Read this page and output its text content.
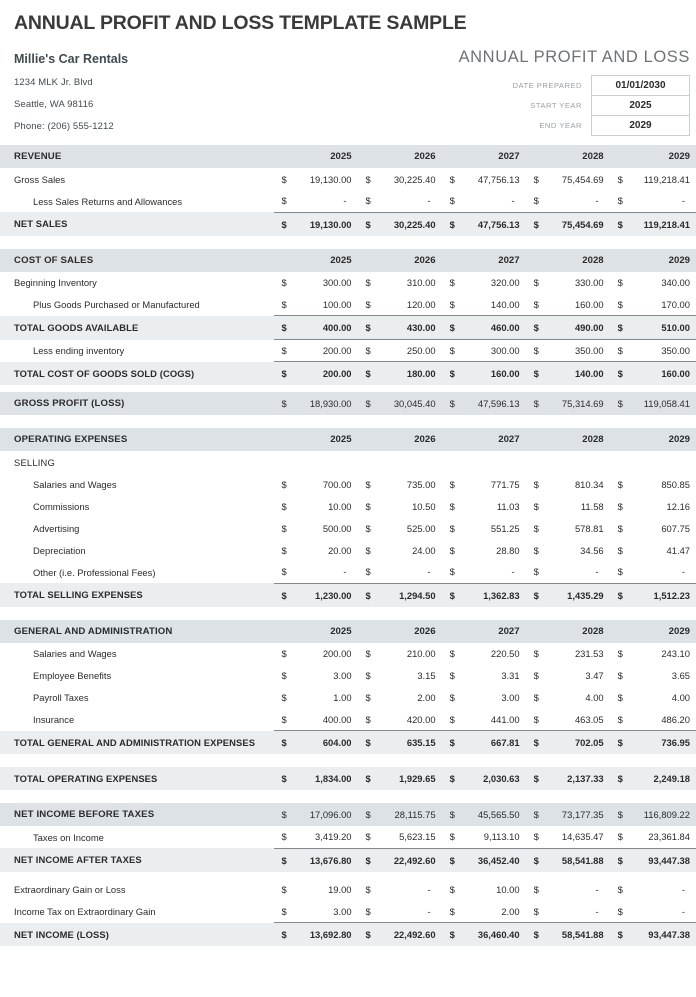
ANNUAL PROFIT AND LOSS TEMPLATE SAMPLE
Millie's Car Rentals
1234 MLK Jr. Blvd
Seattle, WA 98116
Phone: (206) 555-1212
ANNUAL PROFIT AND LOSS
DATE PREPARED	01/01/2030
START YEAR	2025
END YEAR	2029
REVENUE		2025		2026		2027		2028		2029
Gross Sales	$	19,130.00	$	30,225.40	$	47,756.13	$	75,454.69	$	119,218.41
Less Sales Returns and Allowances	$	-	$	-	$	-	$	-	$	-
NET SALES	$	19,130.00	$	30,225.40	$	47,756.13	$	75,454.69	$	119,218.41

COST OF SALES		2025		2026		2027		2028		2029
Beginning Inventory	$	300.00	$	310.00	$	320.00	$	330.00	$	340.00
Plus Goods Purchased or Manufactured	$	100.00	$	120.00	$	140.00	$	160.00	$	170.00
TOTAL GOODS AVAILABLE	$	400.00	$	430.00	$	460.00	$	490.00	$	510.00
Less ending inventory	$	200.00	$	250.00	$	300.00	$	350.00	$	350.00
TOTAL COST OF GOODS SOLD (COGS)	$	200.00	$	180.00	$	160.00	$	140.00	$	160.00

GROSS PROFIT (LOSS)	$	18,930.00	$	30,045.40	$	47,596.13	$	75,314.69	$	119,058.41

OPERATING EXPENSES		2025		2026		2027		2028		2029
SELLING										
Salaries and Wages	$	700.00	$	735.00	$	771.75	$	810.34	$	850.85
Commissions	$	10.00	$	10.50	$	11.03	$	11.58	$	12.16
Advertising	$	500.00	$	525.00	$	551.25	$	578.81	$	607.75
Depreciation	$	20.00	$	24.00	$	28.80	$	34.56	$	41.47
Other (i.e. Professional Fees)	$	-	$	-	$	-	$	-	$	-
TOTAL SELLING EXPENSES	$	1,230.00	$	1,294.50	$	1,362.83	$	1,435.29	$	1,512.23

GENERAL AND ADMINISTRATION		2025		2026		2027		2028		2029
Salaries and Wages	$	200.00	$	210.00	$	220.50	$	231.53	$	243.10
Employee Benefits	$	3.00	$	3.15	$	3.31	$	3.47	$	3.65
Payroll Taxes	$	1.00	$	2.00	$	3.00	$	4.00	$	4.00
Insurance	$	400.00	$	420.00	$	441.00	$	463.05	$	486.20
TOTAL GENERAL AND ADMINISTRATION EXPENSES	$	604.00	$	635.15	$	667.81	$	702.05	$	736.95

TOTAL OPERATING EXPENSES	$	1,834.00	$	1,929.65	$	2,030.63	$	2,137.33	$	2,249.18

NET INCOME BEFORE TAXES	$	17,096.00	$	28,115.75	$	45,565.50	$	73,177.35	$	116,809.22
Taxes on Income	$	3,419.20	$	5,623.15	$	9,113.10	$	14,635.47	$	23,361.84
NET INCOME AFTER TAXES	$	13,676.80	$	22,492.60	$	36,452.40	$	58,541.88	$	93,447.38

Extraordinary Gain or Loss	$	19.00	$	-	$	10.00	$	-	$	-
Income Tax on Extraordinary Gain	$	3.00	$	-	$	2.00	$	-	$	-
NET INCOME (LOSS)	$	13,692.80	$	22,492.60	$	36,460.40	$	58,541.88	$	93,447.38
